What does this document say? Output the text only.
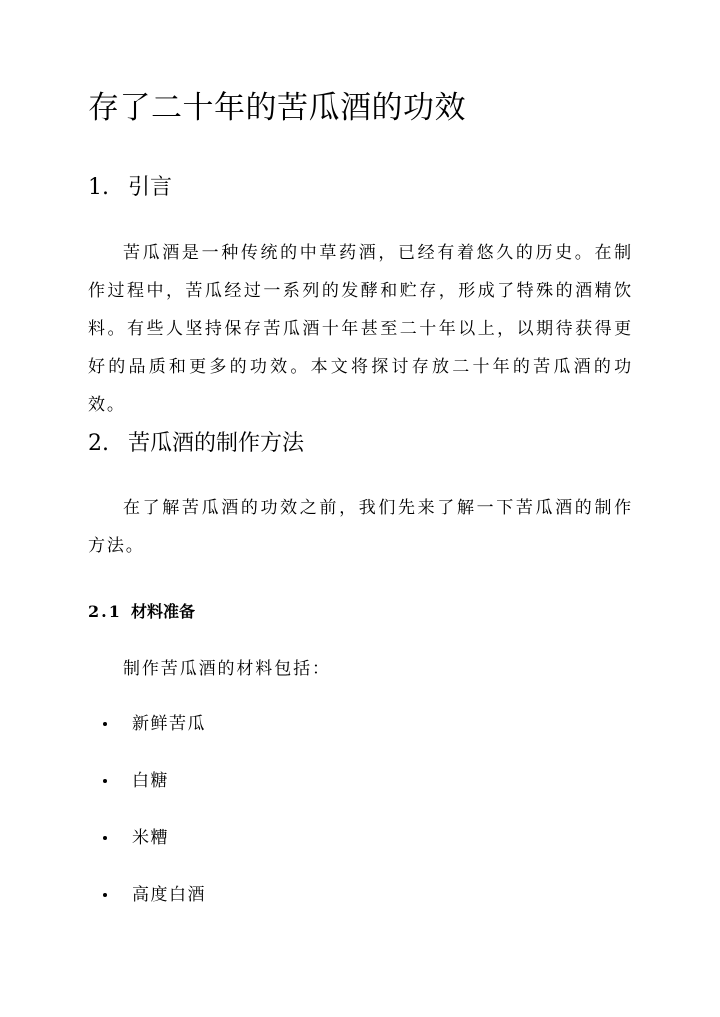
存了二十年的苦瓜酒的功效
1. 引言

苦瓜酒是一种传统的中草药酒，已经有着悠久的历史。在制作过程中，苦瓜经过一系列的发酵和贮存，形成了特殊的酒精饮料。有些人坚持保存苦瓜酒十年甚至二十年以上，以期待获得更好的品质和更多的功效。本文将探讨存放二十年的苦瓜酒的功效。

2. 苦瓜酒的制作方法

在了解苦瓜酒的功效之前，我们先来了解一下苦瓜酒的制作方法。

2.1 材料准备

制作苦瓜酒的材料包括：

新鲜苦瓜
白糖
米糟
高度白酒
